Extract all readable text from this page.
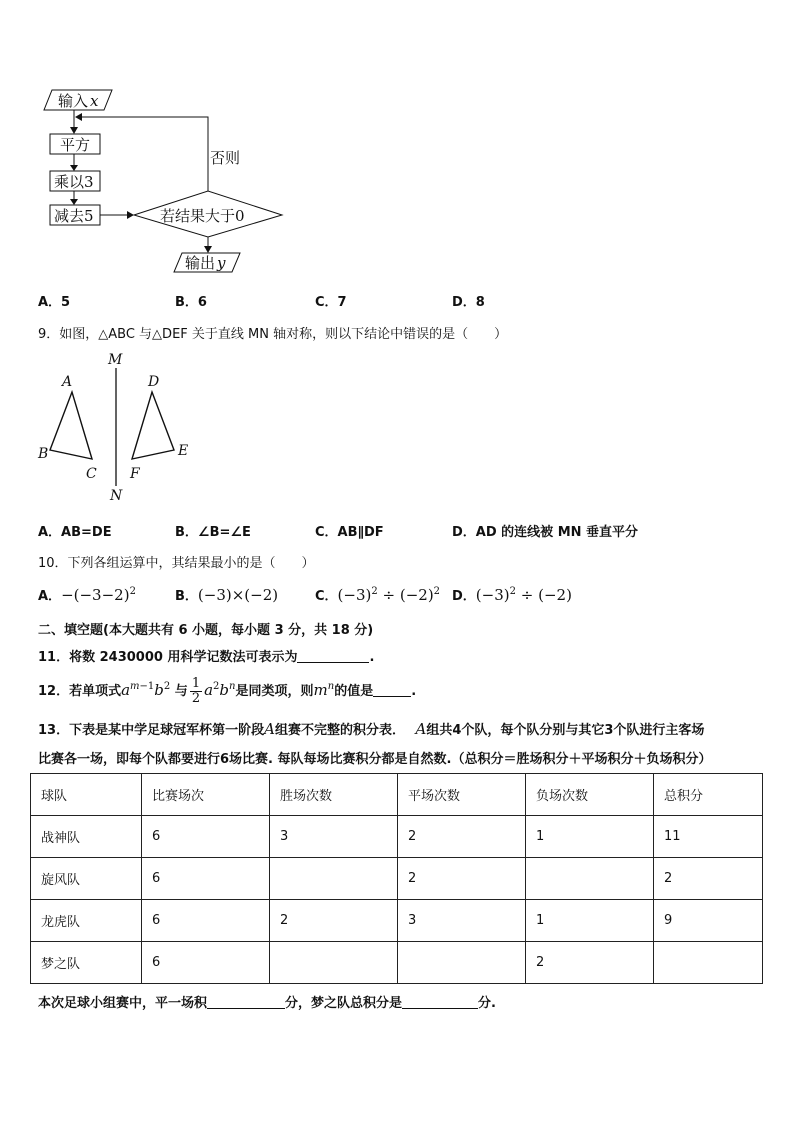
输入 x
平方
乘以3
减去5	若结果大于0
否则
输出 y
A．5	B．6	C．7	D．8
9．如图，△ABC 与△DEF 关于直线 MN 轴对称，则以下结论中错误的是（　　）
M
N
A
B
C
D
E
F
A．AB=DE	B．∠B=∠E	C．AB∥DF	D．AD 的连线被 MN 垂直平分
10．下列各组运算中，其结果最小的是（　　）
A．$-(-3-2)^2$	B．(−3)×(−2)	C．$(-3)^2 \div (-2)^2$ D．$(-3)^2 \div (-2)$
二、填空题(本大题共有 6 小题，每小题 3 分，共 18 分)
11．将数 2430000 用科学记数法可表示为	.
12．若单项式$a^{m-1}b^2$ 与 $\frac{1}{2} a^2b^n$是同类项，则$m^n$的值是	.
13．下表是某中学足球冠军杯第一阶段A组赛不完整的积分表． A组共4个队，每个队分别与其它3个队进行主客场
比赛各一场，即每个队都要进行6场比赛. 每队每场比赛积分都是自然数.（总积分＝胜场积分＋平场积分＋负场积分）
球队	比赛场次	胜场次数	平场次数	负场次数	总积分
战神队	6	3	2	1	11
旋风队	6		2		2
龙虎队	6	2	3	1	9
梦之队	6			2	
本次足球小组赛中，平一场积	分，梦之队总积分是	分.
